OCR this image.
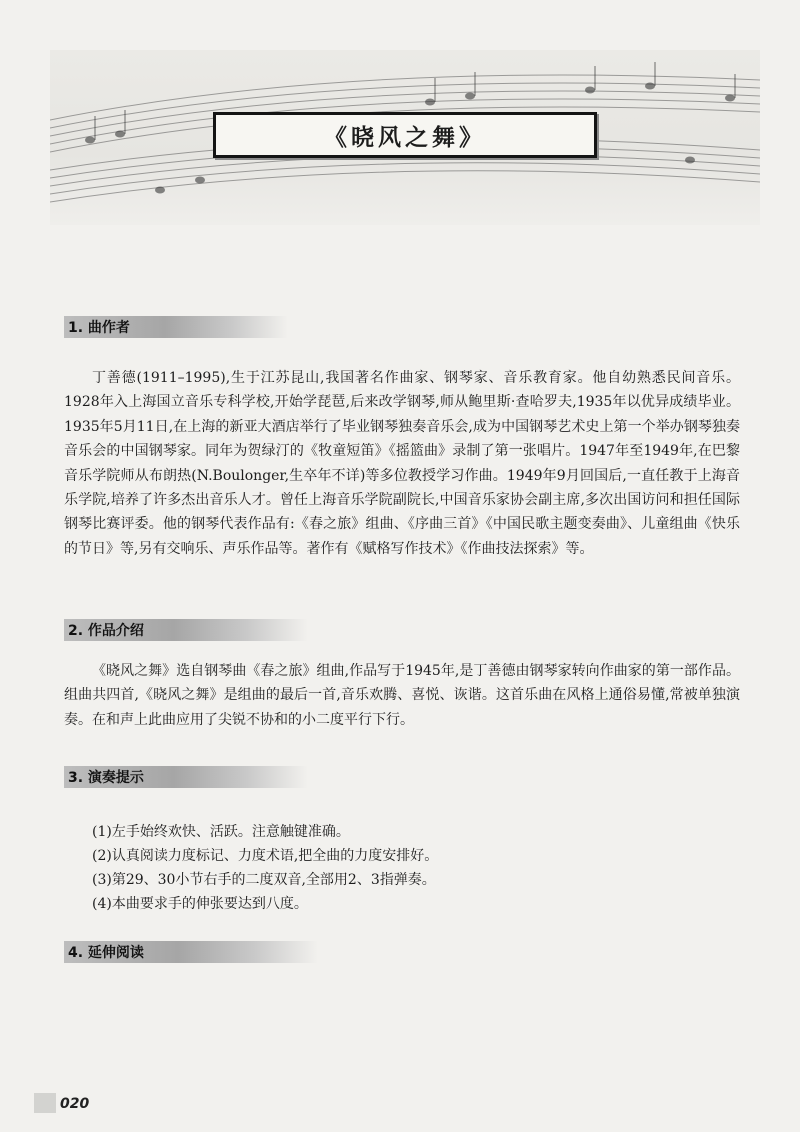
《晓风之舞》
1. 曲作者

丁善德(1911–1995),生于江苏昆山,我国著名作曲家、钢琴家、音乐教育家。他自幼熟悉民间音乐。1928年入上海国立音乐专科学校,开始学琵琶,后来改学钢琴,师从鲍里斯·查哈罗夫,1935年以优异成绩毕业。1935年5月11日,在上海的新亚大酒店举行了毕业钢琴独奏音乐会,成为中国钢琴艺术史上第一个举办钢琴独奏音乐会的中国钢琴家。同年为贺绿汀的《牧童短笛》《摇篮曲》录制了第一张唱片。1947年至1949年,在巴黎音乐学院师从布朗热(N.Boulonger,生卒年不详)等多位教授学习作曲。1949年9月回国后,一直任教于上海音乐学院,培养了许多杰出音乐人才。曾任上海音乐学院副院长,中国音乐家协会副主席,多次出国访问和担任国际钢琴比赛评委。他的钢琴代表作品有:《春之旅》组曲、《序曲三首》《中国民歌主题变奏曲》、儿童组曲《快乐的节日》等,另有交响乐、声乐作品等。著作有《赋格写作技术》《作曲技法探索》等。

2. 作品介绍

《晓风之舞》选自钢琴曲《春之旅》组曲,作品写于1945年,是丁善德由钢琴家转向作曲家的第一部作品。组曲共四首,《晓风之舞》是组曲的最后一首,音乐欢腾、喜悦、诙谐。这首乐曲在风格上通俗易懂,常被单独演奏。在和声上此曲应用了尖锐不协和的小二度平行下行。

3. 演奏提示
(1)左手始终欢快、活跃。注意触键准确。
(2)认真阅读力度标记、力度术语,把全曲的力度安排好。
(3)第29、30小节右手的二度双音,全部用2、3指弹奏。
(4)本曲要求手的伸张要达到八度。
4. 延伸阅读
020
